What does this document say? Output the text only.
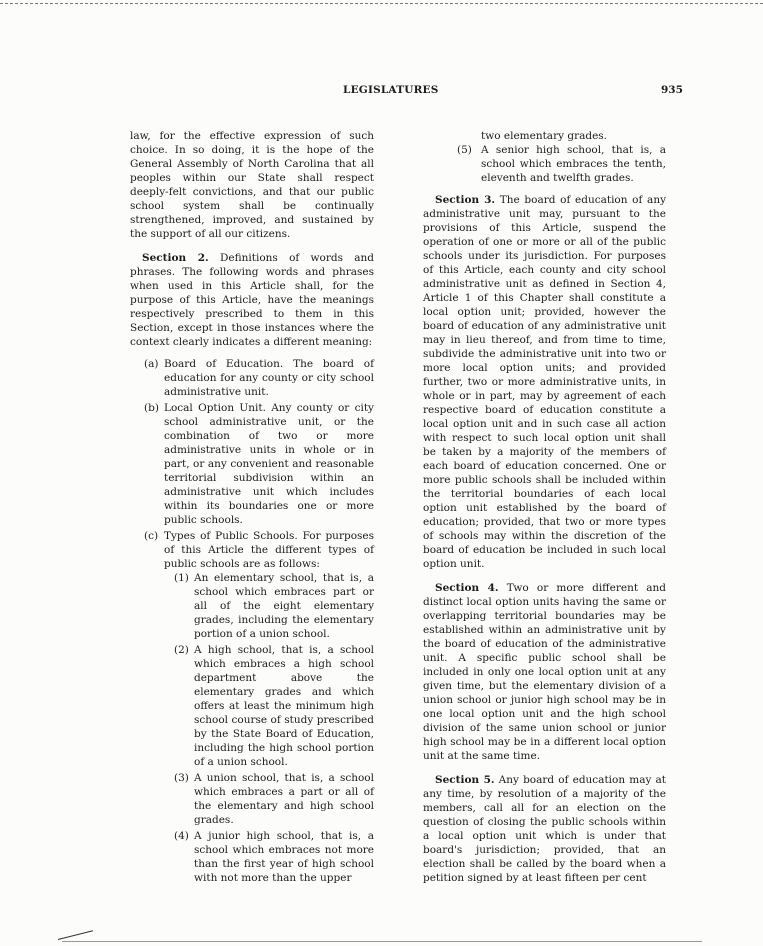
LEGISLATURES	935

law, for the effective expression of such choice. In so doing, it is the hope of the General Assembly of North Carolina that all peoples within our State shall respect deeply-felt convictions, and that our public school system shall be continually strengthened, improved, and sustained by the support of all our citizens.

Section 2. Definitions of words and phrases. The following words and phrases when used in this Article shall, for the purpose of this Article, have the meanings respectively prescribed to them in this Section, except in those instances where the context clearly indicates a different meaning:

(a) Board of Education. The board of education for any county or city school administrative unit.
(b) Local Option Unit. Any county or city school administrative unit, or the combination of two or more administrative units in whole or in part, or any convenient and reasonable territorial subdivision within an administrative unit which includes within its boundaries one or more public schools.
(c) Types of Public Schools. For purposes of this Article the different types of public schools are as follows:
(1) An elementary school, that is, a school which embraces part or all of the eight elementary grades, including the elementary portion of a union school.
(2) A high school, that is, a school which embraces a high school department above the elementary grades and which offers at least the minimum high school course of study prescribed by the State Board of Education, including the high school portion of a union school.
(3) A union school, that is, a school which embraces a part or all of the elementary and high school grades.
(4) A junior high school, that is, a school which embraces not more than the first year of high school with not more than the upper
two elementary grades.
(5) A senior high school, that is, a school which embraces the tenth, eleventh and twelfth grades.

Section 3. The board of education of any administrative unit may, pursuant to the provisions of this Article, suspend the operation of one or more or all of the public schools under its jurisdiction. For purposes of this Article, each county and city school administrative unit as defined in Section 4, Article 1 of this Chapter shall constitute a local option unit; provided, however the board of education of any administrative unit may in lieu thereof, and from time to time, subdivide the administrative unit into two or more local option units; and provided further, two or more administrative units, in whole or in part, may by agreement of each respective board of education constitute a local option unit and in such case all action with respect to such local option unit shall be taken by a majority of the members of each board of education concerned. One or more public schools shall be included within the territorial boundaries of each local option unit established by the board of education; provided, that two or more types of schools may within the discretion of the board of education be included in such local option unit.

Section 4. Two or more different and distinct local option units having the same or overlapping territorial boundaries may be established within an administrative unit by the board of education of the administrative unit. A specific public school shall be included in only one local option unit at any given time, but the elementary division of a union school or junior high school may be in one local option unit and the high school division of the same union school or junior high school may be in a different local option unit at the same time.

Section 5. Any board of education may at any time, by resolution of a majority of the members, call all for an election on the question of closing the public schools within a local option unit which is under that board's jurisdiction; provided, that an election shall be called by the board when a petition signed by at least fifteen per cent
